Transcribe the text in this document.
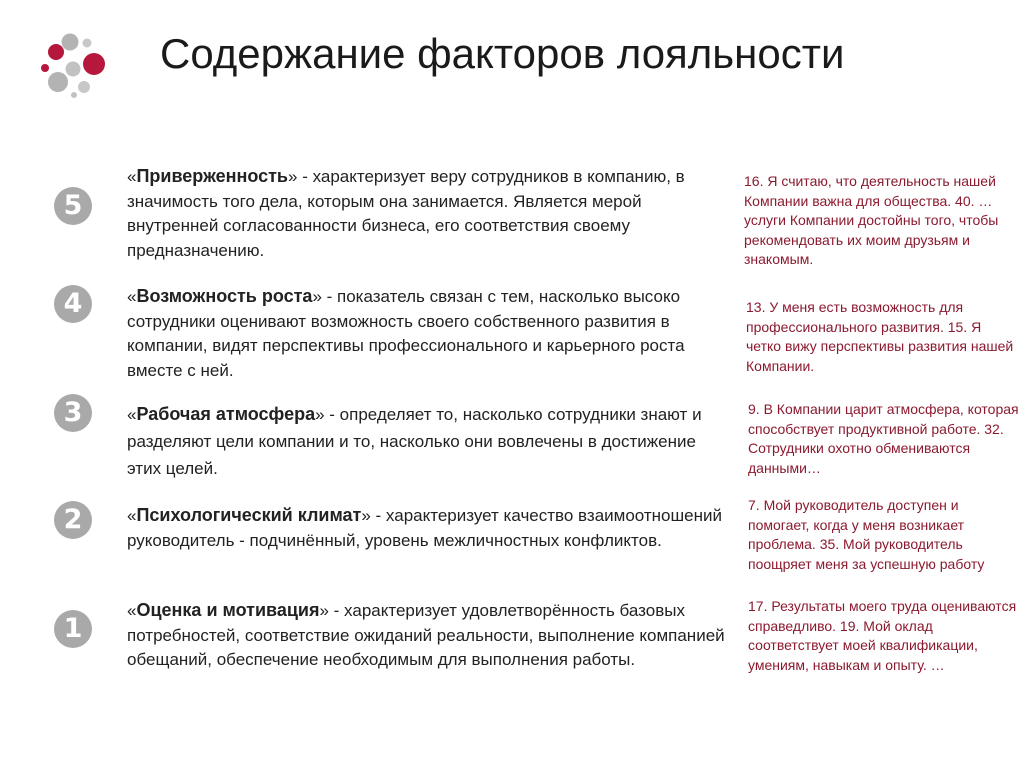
Содержание факторов лояльности
5
4
3
2
1
«Приверженность» - характеризует веру сотрудников в компанию, в значимость того дела, которым она занимается. Является мерой внутренней согласованности бизнеса, его соответствия своему предназначению.
«Возможность роста» - показатель связан с тем, насколько высоко сотрудники оценивают возможность своего собственного развития в компании, видят перспективы профессионального и карьерного роста вместе с ней.
«Рабочая атмосфера» - определяет то, насколько сотрудники знают и разделяют цели компании и то, насколько они вовлечены в достижение этих целей.
«Психологический климат» - характеризует качество взаимоотношений руководитель - подчинённый, уровень межличностных конфликтов.
«Оценка и мотивация» - характеризует удовлетворённость базовых потребностей, соответствие ожиданий реальности, выполнение компанией обещаний, обеспечение необходимым для выполнения работы.
16. Я считаю, что деятельность нашей Компании важна для общества. 40. … услуги Компании достойны того, чтобы рекомендовать их моим друзьям и знакомым.
13. У меня есть возможность для профессионального развития. 15. Я четко вижу перспективы развития нашей Компании.
9. В Компании царит атмосфера, которая способствует продуктивной работе. 32. Сотрудники охотно обмениваются данными…
7. Мой руководитель доступен и помогает, когда у меня возникает проблема. 35. Мой руководитель поощряет меня за успешную работу
17. Результаты моего труда оцениваются справедливо. 19. Мой оклад соответствует моей квалификации, умениям, навыкам и опыту. …
